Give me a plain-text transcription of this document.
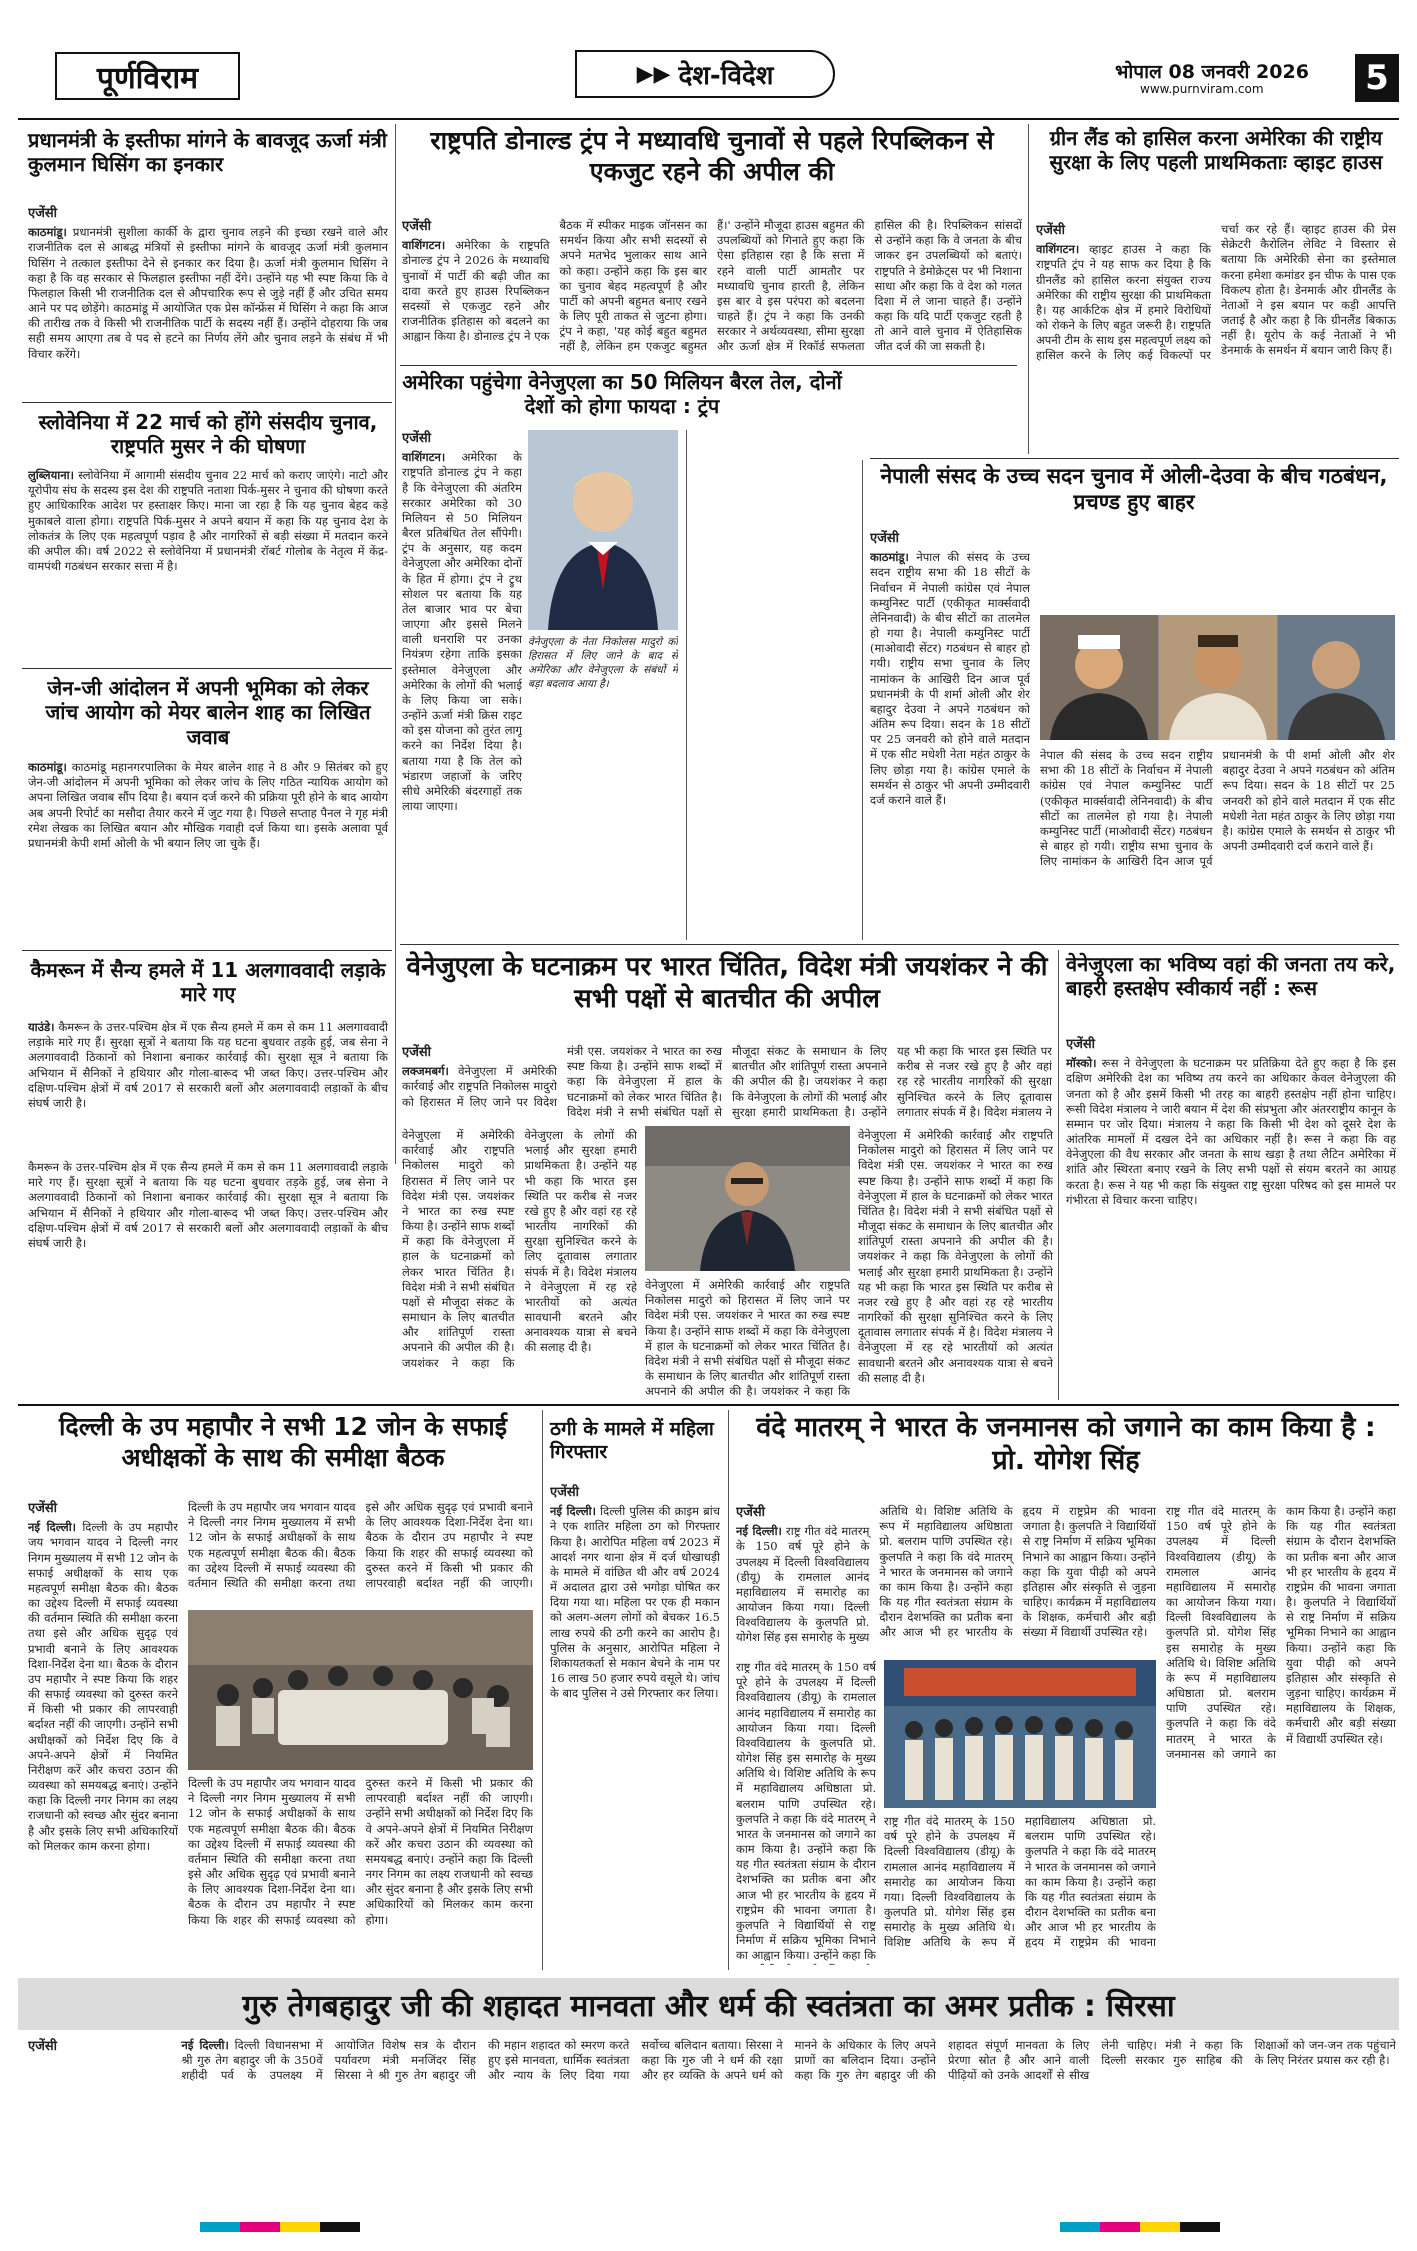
पूर्णविराम	▶▶ देश-विदेश	भोपाल 08 जनवरी 2026
www.purnviram.com	5
प्रधानमंत्री के इस्तीफा मांगने के बावजूद ऊर्जा मंत्री कुलमान घिसिंग का इनकार

एजेंसी

काठमांडू। प्रधानमंत्री सुशीला कार्की के द्वारा चुनाव लड़ने की इच्छा रखने वाले और राजनीतिक दल से आबद्ध मंत्रियों से इस्तीफा मांगने के बावजूद ऊर्जा मंत्री कुलमान घिसिंग ने तत्काल इस्तीफा देने से इनकार कर दिया है। ऊर्जा मंत्री कुलमान घिसिंग ने कहा है कि वह सरकार से फिलहाल इस्तीफा नहीं देंगे। उन्होंने यह भी स्पष्ट किया कि वे फिलहाल किसी भी राजनीतिक दल से औपचारिक रूप से जुड़े नहीं हैं और उचित समय आने पर पद छोड़ेंगे। काठमांडू में आयोजित एक प्रेस कॉन्फ्रेंस में घिसिंग ने कहा कि आज की तारीख तक वे किसी भी राजनीतिक पार्टी के सदस्य नहीं हैं। उन्होंने दोहराया कि जब सही समय आएगा तब वे पद से हटने का निर्णय लेंगे और चुनाव लड़ने के संबंध में भी विचार करेंगे।

स्लोवेनिया में 22 मार्च को होंगे संसदीय चुनाव, राष्ट्रपति मुसर ने की घोषणा

लुब्लियाना। स्लोवेनिया में आगामी संसदीय चुनाव 22 मार्च को कराए जाएंगे। नाटो और यूरोपीय संघ के सदस्य इस देश की राष्ट्रपति नताशा पिर्क-मुसर ने चुनाव की घोषणा करते हुए आधिकारिक आदेश पर हस्ताक्षर किए। माना जा रहा है कि यह चुनाव बेहद कड़े मुकाबले वाला होगा। राष्ट्रपति पिर्क-मुसर ने अपने बयान में कहा कि यह चुनाव देश के लोकतंत्र के लिए एक महत्वपूर्ण पड़ाव है और नागरिकों से बड़ी संख्या में मतदान करने की अपील की। वर्ष 2022 से स्लोवेनिया में प्रधानमंत्री रॉबर्ट गोलोब के नेतृत्व में केंद्र-वामपंथी गठबंधन सरकार सत्ता में है।

जेन-जी आंदोलन में अपनी भूमिका को लेकर जांच आयोग को मेयर बालेन शाह का लिखित जवाब

काठमांडू। काठमांडू महानगरपालिका के मेयर बालेन शाह ने 8 और 9 सितंबर को हुए जेन-जी आंदोलन में अपनी भूमिका को लेकर जांच के लिए गठित न्यायिक आयोग को अपना लिखित जवाब सौंप दिया है। बयान दर्ज करने की प्रक्रिया पूरी होने के बाद आयोग अब अपनी रिपोर्ट का मसौदा तैयार करने में जुट गया है। पिछले सप्ताह पैनल ने गृह मंत्री रमेश लेखक का लिखित बयान और मौखिक गवाही दर्ज किया था। इसके अलावा पूर्व प्रधानमंत्री केपी शर्मा ओली के भी बयान लिए जा चुके हैं।

कैमरून में सैन्य हमले में 11 अलगाववादी लड़ाके मारे गए

याउंडे। कैमरून के उत्तर-पश्चिम क्षेत्र में एक सैन्य हमले में कम से कम 11 अलगाववादी लड़ाके मारे गए हैं। सुरक्षा सूत्रों ने बताया कि यह घटना बुधवार तड़के हुई, जब सेना ने अलगाववादी ठिकानों को निशाना बनाकर कार्रवाई की। सुरक्षा सूत्र ने बताया कि अभियान में सैनिकों ने हथियार और गोला-बारूद भी जब्त किए। उत्तर-पश्चिम और दक्षिण-पश्चिम क्षेत्रों में वर्ष 2017 से सरकारी बलों और अलगाववादी लड़ाकों के बीच संघर्ष जारी है।

राष्ट्रपति डोनाल्ड ट्रंप ने मध्यावधि चुनावों से पहले रिपब्लिकन से एकजुट रहने की अपील की

एजेंसी

वाशिंगटन। अमेरिका के राष्ट्रपति डोनाल्ड ट्रंप ने 2026 के मध्यावधि चुनावों में पार्टी की बढ़ी जीत का दावा करते हुए हाउस रिपब्लिकन सदस्यों से एकजुट रहने और राजनीतिक इतिहास को बदलने का आह्वान किया है। डोनाल्ड ट्रंप ने एक बैठक में स्पीकर माइक जॉनसन का समर्थन किया और सभी सदस्यों से अपने मतभेद भुलाकर साथ आने को कहा। उन्होंने कहा कि इस बार का चुनाव बेहद महत्वपूर्ण है और पार्टी को अपनी बहुमत बनाए रखने के लिए पूरी ताकत से जुटना होगा। ट्रंप ने कहा, 'यह कोई बहुत बहुमत नहीं है, लेकिन हम एकजुट बहुमत हैं।' उन्होंने मौजूदा हाउस बहुमत की उपलब्धियों को गिनाते हुए कहा कि ऐसा इतिहास रहा है कि सत्ता में रहने वाली पार्टी आमतौर पर मध्यावधि चुनाव हारती है, लेकिन इस बार वे इस परंपरा को बदलना चाहते हैं। ट्रंप ने कहा कि उनकी सरकार ने अर्थव्यवस्था, सीमा सुरक्षा और ऊर्जा क्षेत्र में रिकॉर्ड सफलता हासिल की है। रिपब्लिकन सांसदों से उन्होंने कहा कि वे जनता के बीच जाकर इन उपलब्धियों को बताएं। राष्ट्रपति ने डेमोक्रेट्स पर भी निशाना साधा और कहा कि वे देश को गलत दिशा में ले जाना चाहते हैं। उन्होंने कहा कि यदि पार्टी एकजुट रहती है तो आने वाले चुनाव में ऐतिहासिक जीत दर्ज की जा सकती है।

अमेरिका पहुंचेगा वेनेजुएला का 50 मिलियन बैरल तेल, दोनों देशों को होगा फायदा : ट्रंप

एजेंसी

वाशिंगटन। अमेरिका के राष्ट्रपति डोनाल्ड ट्रंप ने कहा है कि वेनेजुएला की अंतरिम सरकार अमेरिका को 30 मिलियन से 50 मिलियन बैरल प्रतिबंधित तेल सौंपेगी। ट्रंप के अनुसार, यह कदम वेनेजुएला और अमेरिका दोनों के हित में होगा। ट्रंप ने ट्रुथ सोशल पर बताया कि यह तेल बाजार भाव पर बेचा जाएगा और इससे मिलने वाली धनराशि पर उनका नियंत्रण रहेगा ताकि इसका इस्तेमाल वेनेजुएला और अमेरिका के लोगों की भलाई के लिए किया जा सके। उन्होंने ऊर्जा मंत्री क्रिस राइट को इस योजना को तुरंत लागू करने का निर्देश दिया है। बताया गया है कि तेल को भंडारण जहाजों के जरिए सीधे अमेरिकी बंदरगाहों तक लाया जाएगा।

वेनेजुएला के नेता निकोलस मादुरो को हिरासत में लिए जाने के बाद से अमेरिका और वेनेजुएला के संबंधों में बड़ा बदलाव आया है।
ग्रीन लैंड को हासिल करना अमेरिका की राष्ट्रीय सुरक्षा के लिए पहली प्राथमिकताः व्हाइट हाउस

एजेंसी

वाशिंगटन। व्हाइट हाउस ने कहा कि राष्ट्रपति ट्रंप ने यह साफ कर दिया है कि ग्रीनलैंड को हासिल करना संयुक्त राज्य अमेरिका की राष्ट्रीय सुरक्षा की प्राथमिकता है। यह आर्कटिक क्षेत्र में हमारे विरोधियों को रोकने के लिए बहुत जरूरी है। राष्ट्रपति अपनी टीम के साथ इस महत्वपूर्ण लक्ष्य को हासिल करने के लिए कई विकल्पों पर चर्चा कर रहे हैं। व्हाइट हाउस की प्रेस सेक्रेटरी कैरोलिन लेविट ने विस्तार से बताया कि अमेरिकी सेना का इस्तेमाल करना हमेशा कमांडर इन चीफ के पास एक विकल्प होता है। डेनमार्क और ग्रीनलैंड के नेताओं ने इस बयान पर कड़ी आपत्ति जताई है और कहा है कि ग्रीनलैंड बिकाऊ नहीं है। यूरोप के कई नेताओं ने भी डेनमार्क के समर्थन में बयान जारी किए हैं।

नेपाली संसद के उच्च सदन चुनाव में ओली-देउवा के बीच गठबंधन, प्रचण्ड हुए बाहर

एजेंसी

काठमांडू। नेपाल की संसद के उच्च सदन राष्ट्रीय सभा की 18 सीटों के निर्वाचन में नेपाली कांग्रेस एवं नेपाल कम्युनिस्ट पार्टी (एकीकृत मार्क्सवादी लेनिनवादी) के बीच सीटों का तालमेल हो गया है। नेपाली कम्युनिस्ट पार्टी (माओवादी सेंटर) गठबंधन से बाहर हो गयी। राष्ट्रीय सभा चुनाव के लिए नामांकन के आखिरी दिन आज पूर्व प्रधानमंत्री के पी शर्मा ओली और शेर बहादुर देउवा ने अपने गठबंधन को अंतिम रूप दिया। सदन के 18 सीटों पर 25 जनवरी को होने वाले मतदान में एक सीट मधेशी नेता महंत ठाकुर के लिए छोड़ा गया है। कांग्रेस एमाले के समर्थन से ठाकुर भी अपनी उम्मीदवारी दर्ज कराने वाले हैं।

नेपाल की संसद के उच्च सदन राष्ट्रीय सभा की 18 सीटों के निर्वाचन में नेपाली कांग्रेस एवं नेपाल कम्युनिस्ट पार्टी (एकीकृत मार्क्सवादी लेनिनवादी) के बीच सीटों का तालमेल हो गया है। नेपाली कम्युनिस्ट पार्टी (माओवादी सेंटर) गठबंधन से बाहर हो गयी। राष्ट्रीय सभा चुनाव के लिए नामांकन के आखिरी दिन आज पूर्व प्रधानमंत्री के पी शर्मा ओली और शेर बहादुर देउवा ने अपने गठबंधन को अंतिम रूप दिया। सदन के 18 सीटों पर 25 जनवरी को होने वाले मतदान में एक सीट मधेशी नेता महंत ठाकुर के लिए छोड़ा गया है। कांग्रेस एमाले के समर्थन से ठाकुर भी अपनी उम्मीदवारी दर्ज कराने वाले हैं।

वेनेजुएला के घटनाक्रम पर भारत चिंतित, विदेश मंत्री जयशंकर ने की सभी पक्षों से बातचीत की अपील

एजेंसी

लक्जमबर्ग। वेनेजुएला में अमेरिकी कार्रवाई और राष्ट्रपति निकोलस मादुरो को हिरासत में लिए जाने पर विदेश मंत्री एस. जयशंकर ने भारत का रुख स्पष्ट किया है। उन्होंने साफ शब्दों में कहा कि वेनेजुएला में हाल के घटनाक्रमों को लेकर भारत चिंतित है। विदेश मंत्री ने सभी संबंधित पक्षों से मौजूदा संकट के समाधान के लिए बातचीत और शांतिपूर्ण रास्ता अपनाने की अपील की है। जयशंकर ने कहा कि वेनेजुएला के लोगों की भलाई और सुरक्षा हमारी प्राथमिकता है। उन्होंने यह भी कहा कि भारत इस स्थिति पर करीब से नजर रखे हुए है और वहां रह रहे भारतीय नागरिकों की सुरक्षा सुनिश्चित करने के लिए दूतावास लगातार संपर्क में है। विदेश मंत्रालय ने

वेनेजुएला में अमेरिकी कार्रवाई और राष्ट्रपति निकोलस मादुरो को हिरासत में लिए जाने पर विदेश मंत्री एस. जयशंकर ने भारत का रुख स्पष्ट किया है। उन्होंने साफ शब्दों में कहा कि वेनेजुएला में हाल के घटनाक्रमों को लेकर भारत चिंतित है। विदेश मंत्री ने सभी संबंधित पक्षों से मौजूदा संकट के समाधान के लिए बातचीत और शांतिपूर्ण रास्ता अपनाने की अपील की है। जयशंकर ने कहा कि वेनेजुएला के लोगों की भलाई और सुरक्षा हमारी प्राथमिकता है। उन्होंने यह भी कहा कि भारत इस स्थिति पर करीब से नजर रखे हुए है और वहां रह रहे भारतीय नागरिकों की सुरक्षा सुनिश्चित करने के लिए दूतावास लगातार संपर्क में है। विदेश मंत्रालय ने वेनेजुएला में रह रहे भारतीयों को अत्यंत सावधानी बरतने और अनावश्यक यात्रा से बचने की सलाह दी है।

वेनेजुएला में अमेरिकी कार्रवाई और राष्ट्रपति निकोलस मादुरो को हिरासत में लिए जाने पर विदेश मंत्री एस. जयशंकर ने भारत का रुख स्पष्ट किया है। उन्होंने साफ शब्दों में कहा कि वेनेजुएला में हाल के घटनाक्रमों को लेकर भारत चिंतित है। विदेश मंत्री ने सभी संबंधित पक्षों से मौजूदा संकट के समाधान के लिए बातचीत और शांतिपूर्ण रास्ता अपनाने की अपील की है। जयशंकर ने कहा कि वेनेजुएला के लोगों की भलाई और सुरक्षा हमारी प्राथमिकता है। उन्होंने यह भी कहा कि भारत इस स्थिति पर करीब से नजर रखे हुए है और वहां रह रहे भारतीय नागरिकों की सुरक्षा सुनिश्चित करने के लिए दूतावास लगातार संपर्क में है। विदेश मंत्रालय ने वेनेजुएला में रह रहे भारतीयों को अत्यंत सावधानी बरतने और अनावश्यक यात्रा से बचने की सलाह दी है।

वेनेजुएला में अमेरिकी कार्रवाई और राष्ट्रपति निकोलस मादुरो को हिरासत में लिए जाने पर विदेश मंत्री एस. जयशंकर ने भारत का रुख स्पष्ट किया है। उन्होंने साफ शब्दों में कहा कि वेनेजुएला में हाल के घटनाक्रमों को लेकर भारत चिंतित है। विदेश मंत्री ने सभी संबंधित पक्षों से मौजूदा संकट के समाधान के लिए बातचीत और शांतिपूर्ण रास्ता अपनाने की अपील की है। जयशंकर ने कहा कि

वेनेजुएला का भविष्य वहां की जनता तय करे, बाहरी हस्तक्षेप स्वीकार्य नहीं : रूस

एजेंसी

मॉस्को। रूस ने वेनेजुएला के घटनाक्रम पर प्रतिक्रिया देते हुए कहा है कि इस दक्षिण अमेरिकी देश का भविष्य तय करने का अधिकार केवल वेनेजुएला की जनता को है और इसमें किसी भी तरह का बाहरी हस्तक्षेप नहीं होना चाहिए। रूसी विदेश मंत्रालय ने जारी बयान में देश की संप्रभुता और अंतरराष्ट्रीय कानून के सम्मान पर जोर दिया। मंत्रालय ने कहा कि किसी भी देश को दूसरे देश के आंतरिक मामलों में दखल देने का अधिकार नहीं है। रूस ने कहा कि वह वेनेजुएला की वैध सरकार और जनता के साथ खड़ा है तथा लैटिन अमेरिका में शांति और स्थिरता बनाए रखने के लिए सभी पक्षों से संयम बरतने का आग्रह करता है। रूस ने यह भी कहा कि संयुक्त राष्ट्र सुरक्षा परिषद को इस मामले पर गंभीरता से विचार करना चाहिए।

कैमरून के उत्तर-पश्चिम क्षेत्र में एक सैन्य हमले में कम से कम 11 अलगाववादी लड़ाके मारे गए हैं। सुरक्षा सूत्रों ने बताया कि यह घटना बुधवार तड़के हुई, जब सेना ने अलगाववादी ठिकानों को निशाना बनाकर कार्रवाई की। सुरक्षा सूत्र ने बताया कि अभियान में सैनिकों ने हथियार और गोला-बारूद भी जब्त किए। उत्तर-पश्चिम और दक्षिण-पश्चिम क्षेत्रों में वर्ष 2017 से सरकारी बलों और अलगाववादी लड़ाकों के बीच संघर्ष जारी है।

दिल्ली के उप महापौर ने सभी 12 जोन के सफाई अधीक्षकों के साथ की समीक्षा बैठक

एजेंसी

नई दिल्ली। दिल्ली के उप महापौर जय भगवान यादव ने दिल्ली नगर निगम मुख्यालय में सभी 12 जोन के सफाई अधीक्षकों के साथ एक महत्वपूर्ण समीक्षा बैठक की। बैठक का उद्देश्य दिल्ली में सफाई व्यवस्था की वर्तमान स्थिति की समीक्षा करना तथा इसे और अधिक सुदृढ़ एवं प्रभावी बनाने के लिए आवश्यक दिशा-निर्देश देना था। बैठक के दौरान उप महापौर ने स्पष्ट किया कि शहर की सफाई व्यवस्था को दुरुस्त करने में किसी भी प्रकार की लापरवाही बर्दाश्त नहीं की जाएगी। उन्होंने सभी अधीक्षकों को निर्देश दिए कि वे अपने-अपने क्षेत्रों में नियमित निरीक्षण करें और कचरा उठान की व्यवस्था को समयबद्ध बनाएं। उन्होंने कहा कि दिल्ली नगर निगम का लक्ष्य राजधानी को स्वच्छ और सुंदर बनाना है और इसके लिए सभी अधिकारियों को मिलकर काम करना होगा।

दिल्ली के उप महापौर जय भगवान यादव ने दिल्ली नगर निगम मुख्यालय में सभी 12 जोन के सफाई अधीक्षकों के साथ एक महत्वपूर्ण समीक्षा बैठक की। बैठक का उद्देश्य दिल्ली में सफाई व्यवस्था की वर्तमान स्थिति की समीक्षा करना तथा इसे और अधिक सुदृढ़ एवं प्रभावी बनाने के लिए आवश्यक दिशा-निर्देश देना था। बैठक के दौरान उप महापौर ने स्पष्ट किया कि शहर की सफाई व्यवस्था को दुरुस्त करने में किसी भी प्रकार की लापरवाही बर्दाश्त नहीं की जाएगी।

दिल्ली के उप महापौर जय भगवान यादव ने दिल्ली नगर निगम मुख्यालय में सभी 12 जोन के सफाई अधीक्षकों के साथ एक महत्वपूर्ण समीक्षा बैठक की। बैठक का उद्देश्य दिल्ली में सफाई व्यवस्था की वर्तमान स्थिति की समीक्षा करना तथा इसे और अधिक सुदृढ़ एवं प्रभावी बनाने के लिए आवश्यक दिशा-निर्देश देना था। बैठक के दौरान उप महापौर ने स्पष्ट किया कि शहर की सफाई व्यवस्था को दुरुस्त करने में किसी भी प्रकार की लापरवाही बर्दाश्त नहीं की जाएगी। उन्होंने सभी अधीक्षकों को निर्देश दिए कि वे अपने-अपने क्षेत्रों में नियमित निरीक्षण करें और कचरा उठान की व्यवस्था को समयबद्ध बनाएं। उन्होंने कहा कि दिल्ली नगर निगम का लक्ष्य राजधानी को स्वच्छ और सुंदर बनाना है और इसके लिए सभी अधिकारियों को मिलकर काम करना होगा।

ठगी के मामले में महिला गिरफ्तार

एजेंसी

नई दिल्ली। दिल्ली पुलिस की क्राइम ब्रांच ने एक शातिर महिला ठग को गिरफ्तार किया है। आरोपित महिला वर्ष 2023 में आदर्श नगर थाना क्षेत्र में दर्ज धोखाधड़ी के मामले में वांछित थी और वर्ष 2024 में अदालत द्वारा उसे भगोड़ा घोषित कर दिया गया था। महिला पर एक ही मकान को अलग-अलग लोगों को बेचकर 16.5 लाख रुपये की ठगी करने का आरोप है। पुलिस के अनुसार, आरोपित महिला ने शिकायतकर्ता से मकान बेचने के नाम पर 16 लाख 50 हजार रुपये वसूले थे। जांच के बाद पुलिस ने उसे गिरफ्तार कर लिया।

वंदे मातरम् ने भारत के जनमानस को जगाने का काम किया है : प्रो. योगेश सिंह

एजेंसी

नई दिल्ली। राष्ट्र गीत वंदे मातरम् के 150 वर्ष पूरे होने के उपलक्ष्य में दिल्ली विश्वविद्यालय (डीयू) के रामलाल आनंद महाविद्यालय में समारोह का आयोजन किया गया। दिल्ली विश्वविद्यालय के कुलपति प्रो. योगेश सिंह इस समारोह के मुख्य अतिथि थे। विशिष्ट अतिथि के रूप में महाविद्यालय अधिष्ठाता प्रो. बलराम पाणि उपस्थित रहे। कुलपति ने कहा कि वंदे मातरम् ने भारत के जनमानस को जगाने का काम किया है। उन्होंने कहा कि यह गीत स्वतंत्रता संग्राम के दौरान देशभक्ति का प्रतीक बना और आज भी हर भारतीय के हृदय में राष्ट्रप्रेम की भावना जगाता है। कुलपति ने विद्यार्थियों से राष्ट्र निर्माण में सक्रिय भूमिका निभाने का आह्वान किया। उन्होंने कहा कि युवा पीढ़ी को अपने इतिहास और संस्कृति से जुड़ना चाहिए। कार्यक्रम में महाविद्यालय के शिक्षक, कर्मचारी और बड़ी संख्या में विद्यार्थी उपस्थित रहे।

राष्ट्र गीत वंदे मातरम् के 150 वर्ष पूरे होने के उपलक्ष्य में दिल्ली विश्वविद्यालय (डीयू) के रामलाल आनंद महाविद्यालय में समारोह का आयोजन किया गया। दिल्ली विश्वविद्यालय के कुलपति प्रो. योगेश सिंह इस समारोह के मुख्य अतिथि थे। विशिष्ट अतिथि के रूप में महाविद्यालय अधिष्ठाता प्रो. बलराम पाणि उपस्थित रहे। कुलपति ने कहा कि वंदे मातरम् ने भारत के जनमानस को जगाने का काम किया है। उन्होंने कहा कि यह गीत स्वतंत्रता संग्राम के दौरान देशभक्ति का प्रतीक बना और आज भी हर भारतीय के हृदय में राष्ट्रप्रेम की भावना जगाता है। कुलपति ने विद्यार्थियों से राष्ट्र निर्माण में सक्रिय भूमिका निभाने का आह्वान किया। उन्होंने कहा कि

राष्ट्र गीत वंदे मातरम् के 150 वर्ष पूरे होने के उपलक्ष्य में दिल्ली विश्वविद्यालय (डीयू) के रामलाल आनंद महाविद्यालय में समारोह का आयोजन किया गया। दिल्ली विश्वविद्यालय के कुलपति प्रो. योगेश सिंह इस समारोह के मुख्य अतिथि थे। विशिष्ट अतिथि के रूप में महाविद्यालय अधिष्ठाता प्रो. बलराम पाणि उपस्थित रहे। कुलपति ने कहा कि वंदे मातरम् ने भारत के जनमानस को जगाने का काम किया है। उन्होंने कहा कि यह गीत स्वतंत्रता संग्राम के दौरान देशभक्ति का प्रतीक बना और आज भी हर भारतीय के हृदय में राष्ट्रप्रेम की भावना

राष्ट्र गीत वंदे मातरम् के 150 वर्ष पूरे होने के उपलक्ष्य में दिल्ली विश्वविद्यालय (डीयू) के रामलाल आनंद महाविद्यालय में समारोह का आयोजन किया गया। दिल्ली विश्वविद्यालय के कुलपति प्रो. योगेश सिंह इस समारोह के मुख्य अतिथि थे। विशिष्ट अतिथि के रूप में महाविद्यालय अधिष्ठाता प्रो. बलराम पाणि उपस्थित रहे। कुलपति ने कहा कि वंदे मातरम् ने भारत के जनमानस को जगाने का काम किया है। उन्होंने कहा कि यह गीत स्वतंत्रता संग्राम के दौरान देशभक्ति का प्रतीक बना और आज भी हर भारतीय के हृदय में राष्ट्रप्रेम की भावना जगाता है। कुलपति ने विद्यार्थियों से राष्ट्र निर्माण में सक्रिय भूमिका निभाने का आह्वान किया। उन्होंने कहा कि युवा पीढ़ी को अपने इतिहास और संस्कृति से जुड़ना चाहिए। कार्यक्रम में महाविद्यालय के शिक्षक, कर्मचारी और बड़ी संख्या में विद्यार्थी उपस्थित रहे।

गुरु तेगबहादुर जी की शहादत मानवता और धर्म की स्वतंत्रता का अमर प्रतीक : सिरसा

एजेंसी	नई दिल्ली। दिल्ली विधानसभा में श्री गुरु तेग बहादुर जी के 350वें शहीदी पर्व के उपलक्ष्य में आयोजित विशेष सत्र के दौरान पर्यावरण मंत्री मनजिंदर सिंह सिरसा ने श्री गुरु तेग बहादुर जी की महान शहादत को स्मरण करते हुए इसे मानवता, धार्मिक स्वतंत्रता और न्याय के लिए दिया गया सर्वोच्च बलिदान बताया। सिरसा ने कहा कि गुरु जी ने धर्म की रक्षा और हर व्यक्ति के अपने धर्म को मानने के अधिकार के लिए अपने प्राणों का बलिदान दिया। उन्होंने कहा कि गुरु तेग बहादुर जी की शहादत संपूर्ण मानवता के लिए प्रेरणा स्रोत है और आने वाली पीढ़ियों को उनके आदर्शों से सीख लेनी चाहिए। मंत्री ने कहा कि दिल्ली सरकार गुरु साहिब की शिक्षाओं को जन-जन तक पहुंचाने के लिए निरंतर प्रयास कर रही है।
